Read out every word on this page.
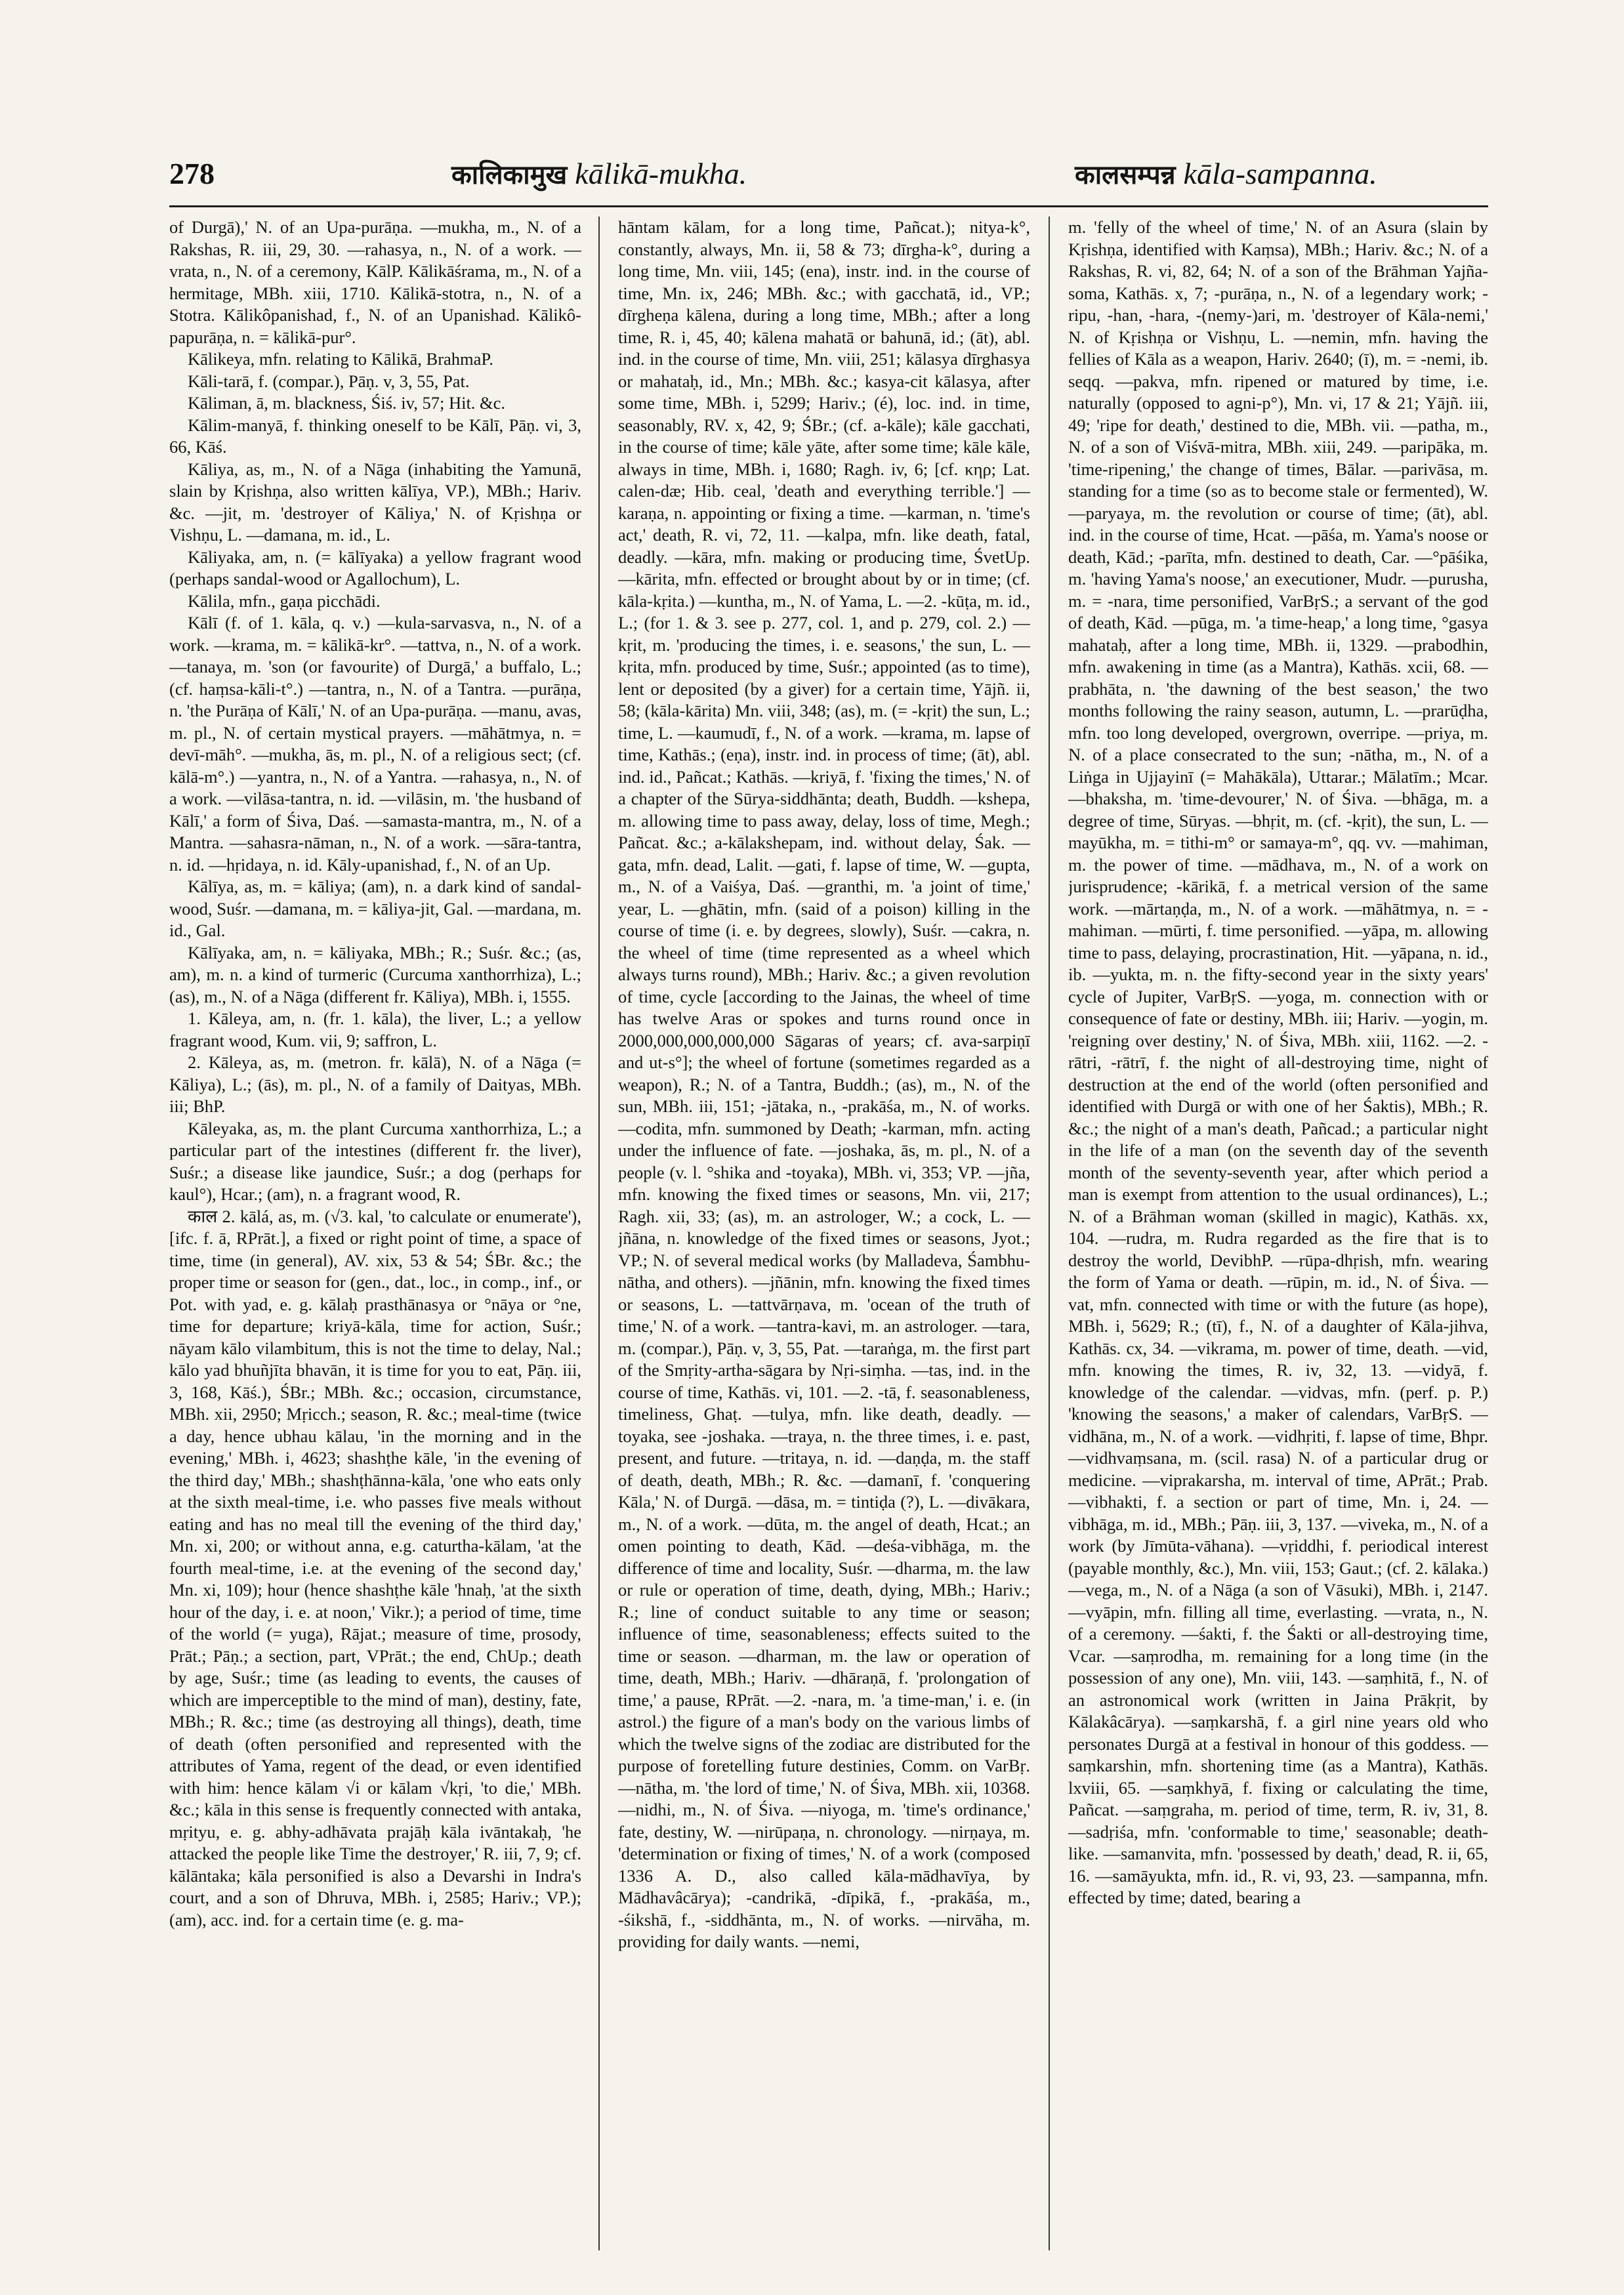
278	कालिकामुख kālikā-mukha.	कालसम्पन्न kāla-sampanna.

of Durgā),' N. of an Upa-purāṇa. —mukha, m., N. of a Rakshas, R. iii, 29, 30. —rahasya, n., N. of a work. —vrata, n., N. of a ceremony, KālP. Kālikāśrama, m., N. of a hermitage, MBh. xiii, 1710. Kālikā-stotra, n., N. of a Stotra. Kālikôpanishad, f., N. of an Upanishad. Kālikô-papurāṇa, n. = kālikā-pur°.

Kālikeya, mfn. relating to Kālikā, BrahmaP.

Kāli-tarā, f. (compar.), Pāṇ. v, 3, 55, Pat.

Kāliman, ā, m. blackness, Śiś. iv, 57; Hit. &c.

Kālim-manyā, f. thinking oneself to be Kālī, Pāṇ. vi, 3, 66, Kāś.

Kāliya, as, m., N. of a Nāga (inhabiting the Yamunā, slain by Kṛishṇa, also written kālīya, VP.), MBh.; Hariv. &c. —jit, m. 'destroyer of Kāliya,' N. of Kṛishṇa or Vishṇu, L. —damana, m. id., L.

Kāliyaka, am, n. (= kālīyaka) a yellow fragrant wood (perhaps sandal-wood or Agallochum), L.

Kālila, mfn., gaṇa picchādi.

Kālī (f. of 1. kāla, q. v.) —kula-sarvasva, n., N. of a work. —krama, m. = kālikā-kr°. —tattva, n., N. of a work. —tanaya, m. 'son (or favourite) of Durgā,' a buffalo, L.; (cf. haṃsa-kāli-t°.) —tantra, n., N. of a Tantra. —purāṇa, n. 'the Purāṇa of Kālī,' N. of an Upa-purāṇa. —manu, avas, m. pl., N. of certain mystical prayers. —māhātmya, n. = devī-māh°. —mukha, ās, m. pl., N. of a religious sect; (cf. kālā-m°.) —yantra, n., N. of a Yantra. —rahasya, n., N. of a work. —vilāsa-tantra, n. id. —vilāsin, m. 'the husband of Kālī,' a form of Śiva, Daś. —samasta-mantra, m., N. of a Mantra. —sahasra-nāman, n., N. of a work. —sāra-tantra, n. id. —hṛidaya, n. id. Kāly-upanishad, f., N. of an Up.

Kālīya, as, m. = kāliya; (am), n. a dark kind of sandal-wood, Suśr. —damana, m. = kāliya-jit, Gal. —mardana, m. id., Gal.

Kālīyaka, am, n. = kāliyaka, MBh.; R.; Suśr. &c.; (as, am), m. n. a kind of turmeric (Curcuma xanthorrhiza), L.; (as), m., N. of a Nāga (different fr. Kāliya), MBh. i, 1555.

1. Kāleya, am, n. (fr. 1. kāla), the liver, L.; a yellow fragrant wood, Kum. vii, 9; saffron, L.

2. Kāleya, as, m. (metron. fr. kālā), N. of a Nāga (= Kāliya), L.; (ās), m. pl., N. of a family of Daityas, MBh. iii; BhP.

Kāleyaka, as, m. the plant Curcuma xanthorrhiza, L.; a particular part of the intestines (different fr. the liver), Suśr.; a disease like jaundice, Suśr.; a dog (perhaps for kaul°), Hcar.; (am), n. a fragrant wood, R.

काल 2. kālá, as, m. (√3. kal, 'to calculate or enumerate'), [ifc. f. ā, RPrāt.], a fixed or right point of time, a space of time, time (in general), AV. xix, 53 & 54; ŚBr. &c.; the proper time or season for (gen., dat., loc., in comp., inf., or Pot. with yad, e. g. kālaḥ prasthānasya or °nāya or °ne, time for departure; kriyā-kāla, time for action, Suśr.; nāyam kālo vilambitum, this is not the time to delay, Nal.; kālo yad bhuñjīta bhavān, it is time for you to eat, Pāṇ. iii, 3, 168, Kāś.), ŚBr.; MBh. &c.; occasion, circumstance, MBh. xii, 2950; Mṛicch.; season, R. &c.; meal-time (twice a day, hence ubhau kālau, 'in the morning and in the evening,' MBh. i, 4623; shashṭhe kāle, 'in the evening of the third day,' MBh.; shashṭhānna-kāla, 'one who eats only at the sixth meal-time, i.e. who passes five meals without eating and has no meal till the evening of the third day,' Mn. xi, 200; or without anna, e.g. caturtha-kālam, 'at the fourth meal-time, i.e. at the evening of the second day,' Mn. xi, 109); hour (hence shashṭhe kāle 'hnaḥ, 'at the sixth hour of the day, i. e. at noon,' Vikr.); a period of time, time of the world (= yuga), Rājat.; measure of time, prosody, Prāt.; Pāṇ.; a section, part, VPrāt.; the end, ChUp.; death by age, Suśr.; time (as leading to events, the causes of which are imperceptible to the mind of man), destiny, fate, MBh.; R. &c.; time (as destroying all things), death, time of death (often personified and represented with the attributes of Yama, regent of the dead, or even identified with him: hence kālam √i or kālam √kṛi, 'to die,' MBh. &c.; kāla in this sense is frequently connected with antaka, mṛityu, e. g. abhy-adhāvata prajāḥ kāla ivāntakaḥ, 'he attacked the people like Time the destroyer,' R. iii, 7, 9; cf. kālāntaka; kāla personified is also a Devarshi in Indra's court, and a son of Dhruva, MBh. i, 2585; Hariv.; VP.); (am), acc. ind. for a certain time (e. g. ma-

hāntam kālam, for a long time, Pañcat.); nitya-k°, constantly, always, Mn. ii, 58 & 73; dīrgha-k°, during a long time, Mn. viii, 145; (ena), instr. ind. in the course of time, Mn. ix, 246; MBh. &c.; with gacchatā, id., VP.; dīrgheṇa kālena, during a long time, MBh.; after a long time, R. i, 45, 40; kālena mahatā or bahunā, id.; (āt), abl. ind. in the course of time, Mn. viii, 251; kālasya dīrghasya or mahataḥ, id., Mn.; MBh. &c.; kasya-cit kālasya, after some time, MBh. i, 5299; Hariv.; (é), loc. ind. in time, seasonably, RV. x, 42, 9; ŚBr.; (cf. a-kāle); kāle gacchati, in the course of time; kāle yāte, after some time; kāle kāle, always in time, MBh. i, 1680; Ragh. iv, 6; [cf. κηρ; Lat. calen-dæ; Hib. ceal, 'death and everything terrible.'] —karaṇa, n. appointing or fixing a time. —karman, n. 'time's act,' death, R. vi, 72, 11. —kalpa, mfn. like death, fatal, deadly. —kāra, mfn. making or producing time, ŚvetUp. —kārita, mfn. effected or brought about by or in time; (cf. kāla-kṛita.) —kuntha, m., N. of Yama, L. —2. -kūṭa, m. id., L.; (for 1. & 3. see p. 277, col. 1, and p. 279, col. 2.) —kṛit, m. 'producing the times, i. e. seasons,' the sun, L. —kṛita, mfn. produced by time, Suśr.; appointed (as to time), lent or deposited (by a giver) for a certain time, Yājñ. ii, 58; (kāla-kārita) Mn. viii, 348; (as), m. (= -kṛit) the sun, L.; time, L. —kaumudī, f., N. of a work. —krama, m. lapse of time, Kathās.; (eṇa), instr. ind. in process of time; (āt), abl. ind. id., Pañcat.; Kathās. —kriyā, f. 'fixing the times,' N. of a chapter of the Sūrya-siddhānta; death, Buddh. —kshepa, m. allowing time to pass away, delay, loss of time, Megh.; Pañcat. &c.; a-kālakshepam, ind. without delay, Śak. —gata, mfn. dead, Lalit. —gati, f. lapse of time, W. —gupta, m., N. of a Vaiśya, Daś. —granthi, m. 'a joint of time,' year, L. —ghātin, mfn. (said of a poison) killing in the course of time (i. e. by degrees, slowly), Suśr. —cakra, n. the wheel of time (time represented as a wheel which always turns round), MBh.; Hariv. &c.; a given revolution of time, cycle [according to the Jainas, the wheel of time has twelve Aras or spokes and turns round once in 2000,000,000,000,000 Sāgaras of years; cf. ava-sarpiṇī and ut-s°]; the wheel of fortune (sometimes regarded as a weapon), R.; N. of a Tantra, Buddh.; (as), m., N. of the sun, MBh. iii, 151; -jātaka, n., -prakāśa, m., N. of works. —codita, mfn. summoned by Death; -karman, mfn. acting under the influence of fate. —joshaka, ās, m. pl., N. of a people (v. l. °shika and -toyaka), MBh. vi, 353; VP. —jña, mfn. knowing the fixed times or seasons, Mn. vii, 217; Ragh. xii, 33; (as), m. an astrologer, W.; a cock, L. —jñāna, n. knowledge of the fixed times or seasons, Jyot.; VP.; N. of several medical works (by Malladeva, Śambhu-nātha, and others). —jñānin, mfn. knowing the fixed times or seasons, L. —tattvārṇava, m. 'ocean of the truth of time,' N. of a work. —tantra-kavi, m. an astrologer. —tara, m. (compar.), Pāṇ. v, 3, 55, Pat. —taraṅga, m. the first part of the Smṛity-artha-sāgara by Nṛi-siṃha. —tas, ind. in the course of time, Kathās. vi, 101. —2. -tā, f. seasonableness, timeliness, Ghaṭ. —tulya, mfn. like death, deadly. —toyaka, see -joshaka. —traya, n. the three times, i. e. past, present, and future. —tritaya, n. id. —daṇḍa, m. the staff of death, death, MBh.; R. &c. —damanī, f. 'conquering Kāla,' N. of Durgā. —dāsa, m. = tintiḍa (?), L. —divākara, m., N. of a work. —dūta, m. the angel of death, Hcat.; an omen pointing to death, Kād. —deśa-vibhāga, m. the difference of time and locality, Suśr. —dharma, m. the law or rule or operation of time, death, dying, MBh.; Hariv.; R.; line of conduct suitable to any time or season; influence of time, seasonableness; effects suited to the time or season. —dharman, m. the law or operation of time, death, MBh.; Hariv. —dhāraṇā, f. 'prolongation of time,' a pause, RPrāt. —2. -nara, m. 'a time-man,' i. e. (in astrol.) the figure of a man's body on the various limbs of which the twelve signs of the zodiac are distributed for the purpose of foretelling future destinies, Comm. on VarBṛ. —nātha, m. 'the lord of time,' N. of Śiva, MBh. xii, 10368. —nidhi, m., N. of Śiva. —niyoga, m. 'time's ordinance,' fate, destiny, W. —nirūpaṇa, n. chronology. —nirṇaya, m. 'determination or fixing of times,' N. of a work (composed 1336 A. D., also called kāla-mādhavīya, by Mādhavâcārya); -candrikā, -dīpikā, f., -prakāśa, m., -śikshā, f., -siddhānta, m., N. of works. —nirvāha, m. providing for daily wants. —nemi,

m. 'felly of the wheel of time,' N. of an Asura (slain by Kṛishṇa, identified with Kaṃsa), MBh.; Hariv. &c.; N. of a Rakshas, R. vi, 82, 64; N. of a son of the Brāhman Yajña-soma, Kathās. x, 7; -purāṇa, n., N. of a legendary work; -ripu, -han, -hara, -(nemy-)ari, m. 'destroyer of Kāla-nemi,' N. of Kṛishṇa or Vishṇu, L. —nemin, mfn. having the fellies of Kāla as a weapon, Hariv. 2640; (ī), m. = -nemi, ib. seqq. —pakva, mfn. ripened or matured by time, i.e. naturally (opposed to agni-p°), Mn. vi, 17 & 21; Yājñ. iii, 49; 'ripe for death,' destined to die, MBh. vii. —patha, m., N. of a son of Viśvā-mitra, MBh. xiii, 249. —paripāka, m. 'time-ripening,' the change of times, Bālar. —parivāsa, m. standing for a time (so as to become stale or fermented), W. —paryaya, m. the revolution or course of time; (āt), abl. ind. in the course of time, Hcat. —pāśa, m. Yama's noose or death, Kād.; -parīta, mfn. destined to death, Car. —°pāśika, m. 'having Yama's noose,' an executioner, Mudr. —purusha, m. = -nara, time personified, VarBṛS.; a servant of the god of death, Kād. —pūga, m. 'a time-heap,' a long time, °gasya mahataḥ, after a long time, MBh. ii, 1329. —prabodhin, mfn. awakening in time (as a Mantra), Kathās. xcii, 68. —prabhāta, n. 'the dawning of the best season,' the two months following the rainy season, autumn, L. —prarūḍha, mfn. too long developed, overgrown, overripe. —priya, m. N. of a place consecrated to the sun; -nātha, m., N. of a Liṅga in Ujjayinī (= Mahākāla), Uttarar.; Mālatīm.; Mcar. —bhaksha, m. 'time-devourer,' N. of Śiva. —bhāga, m. a degree of time, Sūryas. —bhṛit, m. (cf. -kṛit), the sun, L. —mayūkha, m. = tithi-m° or samaya-m°, qq. vv. —mahiman, m. the power of time. —mādhava, m., N. of a work on jurisprudence; -kārikā, f. a metrical version of the same work. —mārtaṇḍa, m., N. of a work. —māhātmya, n. = -mahiman. —mūrti, f. time personified. —yāpa, m. allowing time to pass, delaying, procrastination, Hit. —yāpana, n. id., ib. —yukta, m. n. the fifty-second year in the sixty years' cycle of Jupiter, VarBṛS. —yoga, m. connection with or consequence of fate or destiny, MBh. iii; Hariv. —yogin, m. 'reigning over destiny,' N. of Śiva, MBh. xiii, 1162. —2. -rātri, -rātrī, f. the night of all-destroying time, night of destruction at the end of the world (often personified and identified with Durgā or with one of her Śaktis), MBh.; R. &c.; the night of a man's death, Pañcad.; a particular night in the life of a man (on the seventh day of the seventh month of the seventy-seventh year, after which period a man is exempt from attention to the usual ordinances), L.; N. of a Brāhman woman (skilled in magic), Kathās. xx, 104. —rudra, m. Rudra regarded as the fire that is to destroy the world, DevibhP. —rūpa-dhṛish, mfn. wearing the form of Yama or death. —rūpin, m. id., N. of Śiva. —vat, mfn. connected with time or with the future (as hope), MBh. i, 5629; R.; (tī), f., N. of a daughter of Kāla-jihva, Kathās. cx, 34. —vikrama, m. power of time, death. —vid, mfn. knowing the times, R. iv, 32, 13. —vidyā, f. knowledge of the calendar. —vidvas, mfn. (perf. p. P.) 'knowing the seasons,' a maker of calendars, VarBṛS. —vidhāna, m., N. of a work. —vidhṛiti, f. lapse of time, Bhpr. —vidhvaṃsana, m. (scil. rasa) N. of a particular drug or medicine. —viprakarsha, m. interval of time, APrāt.; Prab. —vibhakti, f. a section or part of time, Mn. i, 24. —vibhāga, m. id., MBh.; Pāṇ. iii, 3, 137. —viveka, m., N. of a work (by Jīmūta-vāhana). —vṛiddhi, f. periodical interest (payable monthly, &c.), Mn. viii, 153; Gaut.; (cf. 2. kālaka.) —vega, m., N. of a Nāga (a son of Vāsuki), MBh. i, 2147. —vyāpin, mfn. filling all time, everlasting. —vrata, n., N. of a ceremony. —śakti, f. the Śakti or all-destroying time, Vcar. —saṃrodha, m. remaining for a long time (in the possession of any one), Mn. viii, 143. —saṃhitā, f., N. of an astronomical work (written in Jaina Prākṛit, by Kālakâcārya). —saṃkarshā, f. a girl nine years old who personates Durgā at a festival in honour of this goddess. —saṃkarshin, mfn. shortening time (as a Mantra), Kathās. lxviii, 65. —saṃkhyā, f. fixing or calculating the time, Pañcat. —saṃgraha, m. period of time, term, R. iv, 31, 8. —sadṛiśa, mfn. 'conformable to time,' seasonable; death-like. —samanvita, mfn. 'possessed by death,' dead, R. ii, 65, 16. —samāyukta, mfn. id., R. vi, 93, 23. —sampanna, mfn. effected by time; dated, bearing a
